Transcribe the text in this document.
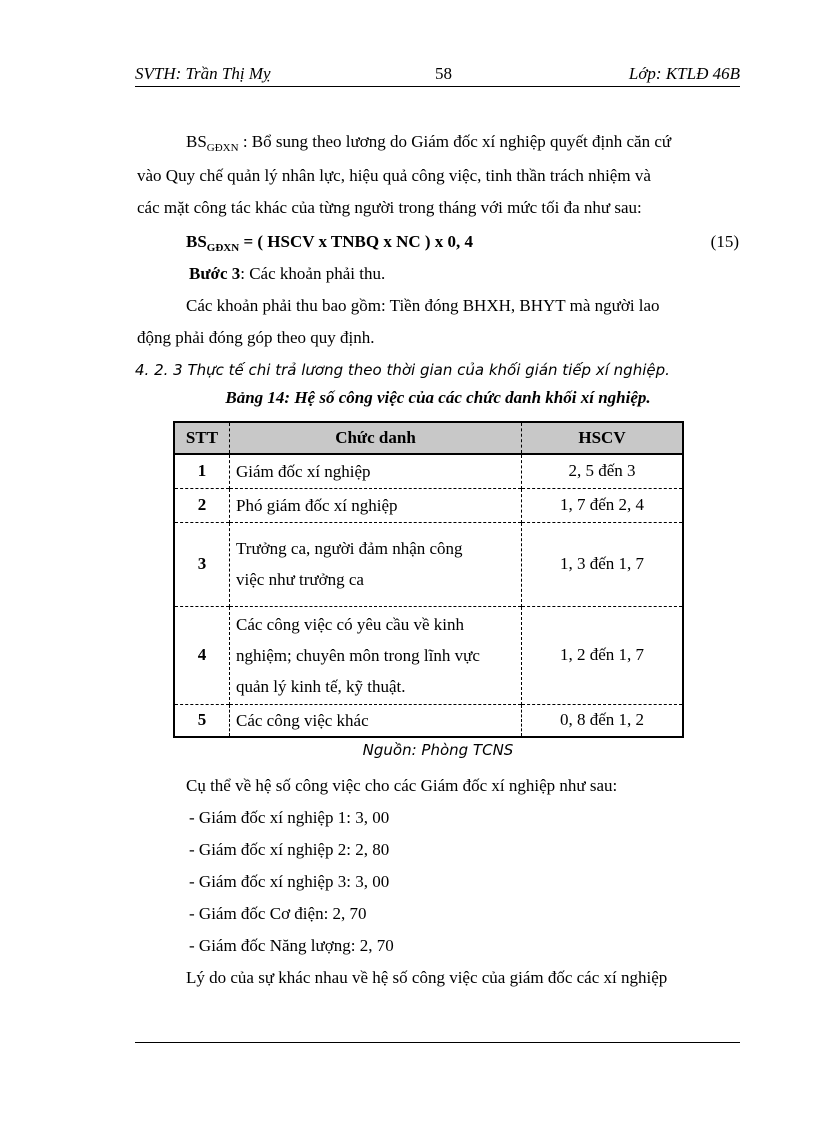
SVTH: Trần Thị Mỵ	58	Lớp: KTLĐ 46B
$BS_{GĐXN}$ : Bổ sung theo lương do Giám đốc xí nghiệp quyết định căn cứ
vào Quy chế quản lý nhân lực, hiệu quả công việc, tinh thần trách nhiệm và
các mặt công tác khác của từng người trong tháng với mức tối đa như sau:
$BS_{GĐXN}$ = ( HSCV x TNBQ x NC ) x 0, 4	(15)
Bước 3: Các khoản phải thu.
Các khoản phải thu bao gồm: Tiền đóng BHXH, BHYT mà người lao
động phải đóng góp theo quy định.
4. 2. 3 Thực tế chi trả lương theo thời gian của khối gián tiếp xí nghiệp.
Bảng 14: Hệ số công việc của các chức danh khối xí nghiệp.
STT	Chức danh	HSCV
1	Giám đốc xí nghiệp	2, 5 đến 3
2	Phó giám đốc xí nghiệp	1, 7 đến 2, 4
3	Trưởng ca, người đảm nhận công
việc như trưởng ca	1, 3 đến 1, 7
4	Các công việc có yêu cầu về kinh
nghiệm; chuyên môn trong lĩnh vực
quản lý kinh tế, kỹ thuật.	1, 2 đến 1, 7
5	Các công việc khác	0, 8 đến 1, 2
Nguồn: Phòng TCNS
Cụ thể về hệ số công việc cho các Giám đốc xí nghiệp như sau:
- Giám đốc xí nghiệp 1: 3, 00
- Giám đốc xí nghiệp 2: 2, 80
- Giám đốc xí nghiệp 3: 3, 00
- Giám đốc Cơ điện: 2, 70
- Giám đốc Năng lượng: 2, 70
Lý do của sự khác nhau về hệ số công việc của giám đốc các xí nghiệp
